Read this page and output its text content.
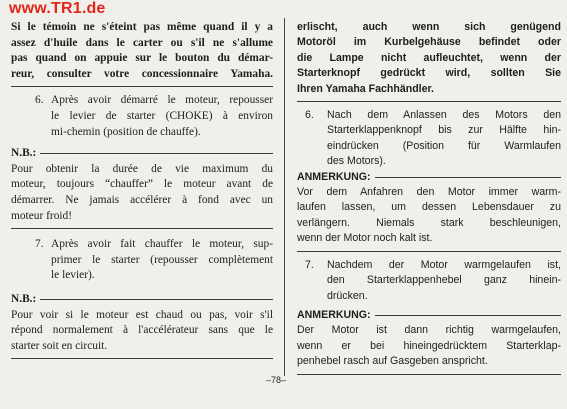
www.TR1.de
Si le témoin ne s'éteint pas même quand il y a
assez d'huile dans le carter ou s'il ne s'allume
pas quand on appuie sur le bouton du démar-
reur, consulter votre concessionnaire Yamaha.
6. Après avoir démarré le moteur, repousser
le levier de starter (CHOKE) à environ
mi-chemin (position de chauffe).
N.B.:
Pour obtenir la durée de vie maximum du
moteur, toujours “chauffer” le moteur avant de
démarrer. Ne jamais accélérer à fond avec un
moteur froid!
7. Après avoir fait chauffer le moteur, sup-
primer le starter (repousser complètement
le levier).
N.B.:
Pour voir si le moteur est chaud ou pas, voir s'il
répond normalement à l'accélérateur sans que le
starter soit en circuit.
erlischt, auch wenn sich genügend
Motoröl im Kurbelgehäuse befindet oder
die Lampe nicht aufleuchtet, wenn der
Starterknopf gedrückt wird, sollten Sie
Ihren Yamaha Fachhändler.
6. Nach dem Anlassen des Motors den
Starterklappenknopf bis zur Hälfte hin-
eindrücken (Position für Warmlaufen
des Motors).
ANMERKUNG:
Vor dem Anfahren den Motor immer warm-
laufen lassen, um dessen Lebensdauer zu
verlängern. Niemals stark beschleunigen,
wenn der Motor noch kalt ist.
7. Nachdem der Motor warmgelaufen ist,
den Starterklappenhebel ganz hinein-
drücken.
ANMERKUNG:
Der Motor ist dann richtig warmgelaufen,
wenn er bei hineingedrücktem Starterklap-
penhebel rasch auf Gasgeben anspricht.
–78–
